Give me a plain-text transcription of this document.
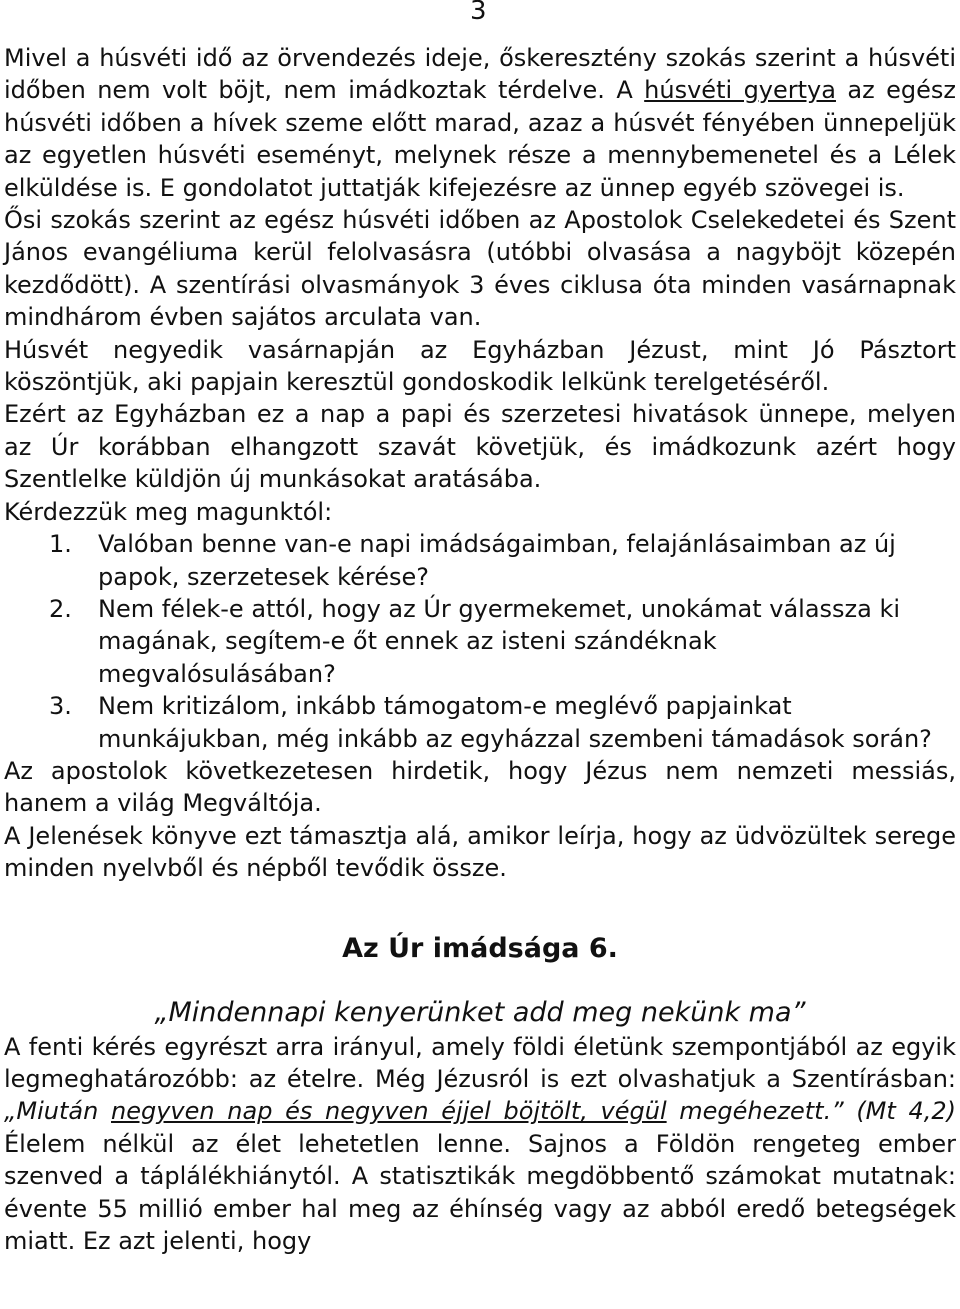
3

Mivel a húsvéti idő az örvendezés ideje, őskeresztény szokás szerint a húsvéti időben nem volt böjt, nem imádkoztak térdelve. A húsvéti gyertya az egész húsvéti időben a hívek szeme előtt marad, azaz a húsvét fényében ünnepeljük az egyetlen húsvéti eseményt, melynek része a mennybemenetel és a Lélek elküldése is. E gondolatot juttatják kifejezésre az ünnep egyéb szövegei is.

Ősi szokás szerint az egész húsvéti időben az Apostolok Cselekedetei és Szent János evangéliuma kerül felolvasásra (utóbbi olvasása a nagyböjt közepén kezdődött). A szentírási olvasmányok 3 éves ciklusa óta minden vasárnapnak mindhárom évben sajátos arculata van.

Húsvét negyedik vasárnapján az Egyházban Jézust, mint Jó Pásztort köszöntjük, aki papjain keresztül gondoskodik lelkünk terelgetéséről.

Ezért az Egyházban ez a nap a papi és szerzetesi hivatások ünnepe, melyen az Úr korábban elhangzott szavát követjük, és imádkozunk azért hogy Szentlelke küldjön új munkásokat aratásába.

Kérdezzük meg magunktól:

1. Valóban benne van-e napi imádságaimban, felajánlásaimban az új papok, szerzetesek kérése?
2. Nem félek-e attól, hogy az Úr gyermekemet, unokámat válassza ki magának, segítem-e őt ennek az isteni szándéknak megvalósulásában?
3. Nem kritizálom, inkább támogatom-e meglévő papjainkat munkájukban, még inkább az egyházzal szembeni támadások során?

Az apostolok következetesen hirdetik, hogy Jézus nem nemzeti messiás, hanem a világ Megváltója.

A Jelenések könyve ezt támasztja alá, amikor leírja, hogy az üdvözültek serege minden nyelvből és népből tevődik össze.

Az Úr imádsága 6.
„Mindennapi kenyerünket add meg nekünk ma”

A fenti kérés egyrészt arra irányul, amely földi életünk szempontjából az egyik legmeghatározóbb: az ételre. Még Jézusról is ezt olvashatjuk a Szentírásban: „Miután negyven nap és negyven éjjel böjtölt, végül megéhezett.” (Mt 4,2) Élelem nélkül az élet lehetetlen lenne. Sajnos a Földön rengeteg ember szenved a táplálékhiánytól. A statisztikák megdöbbentő számokat mutatnak: évente 55 millió ember hal meg az éhínség vagy az abból eredő betegségek miatt. Ez azt jelenti, hogy
